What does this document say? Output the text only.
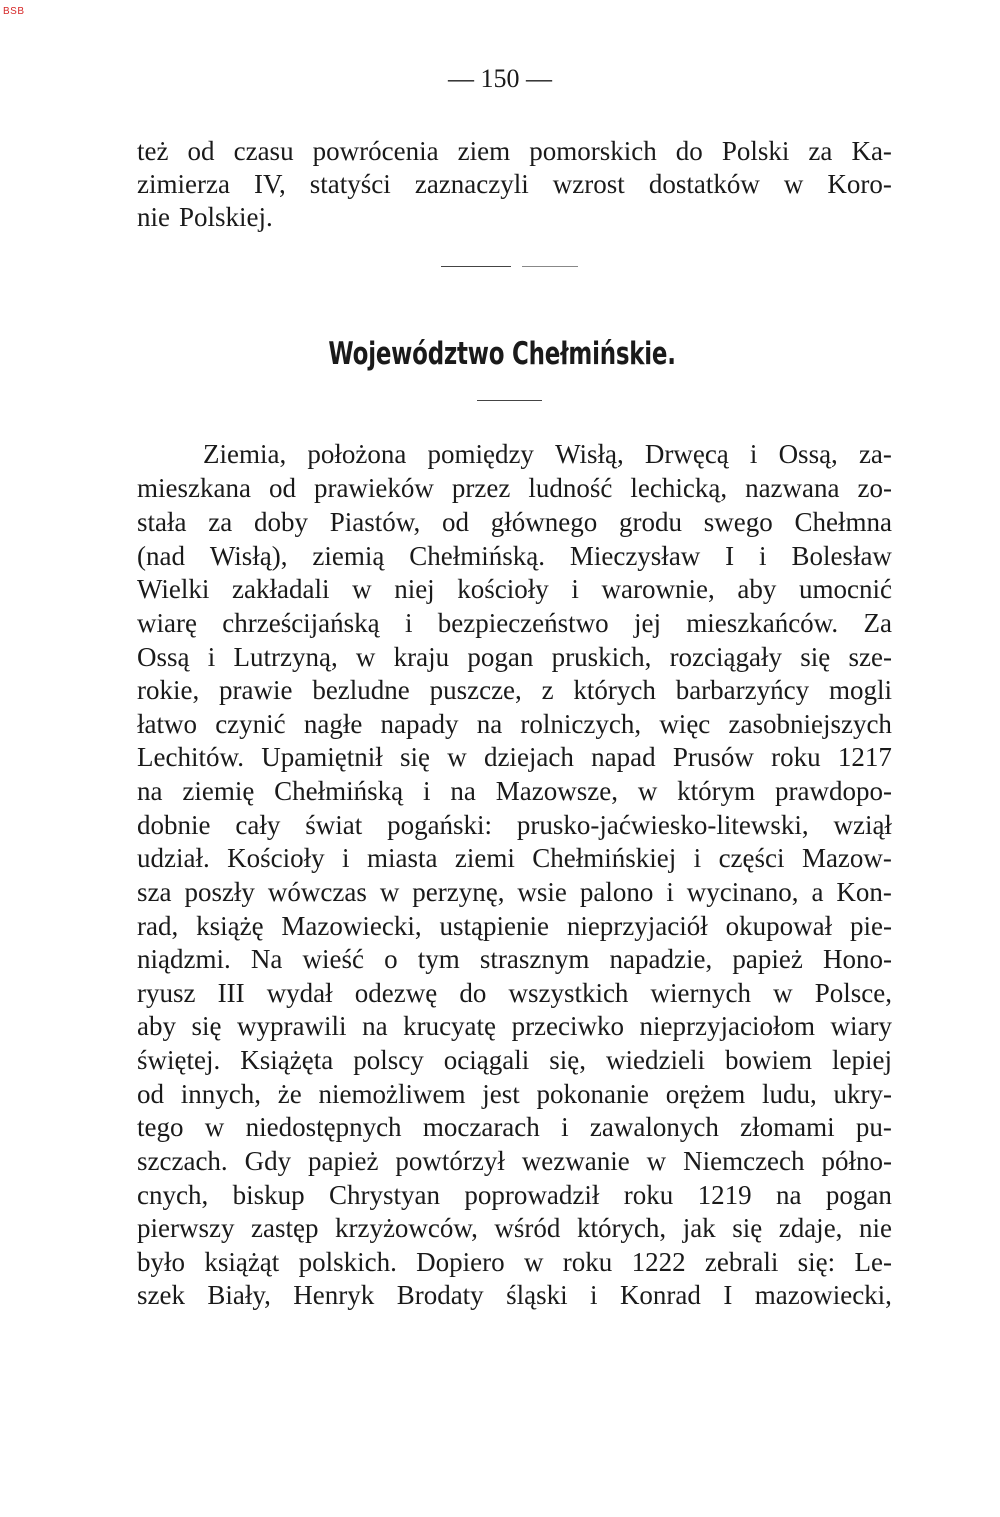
BSB
— 150 —
też od czasu powrócenia ziem pomorskich do Polski za Ka-
zimierza IV, statyści zaznaczyli wzrost dostatków w Koro-
nie Polskiej.
Województwo Chełmińskie.
Ziemia, położona pomiędzy Wisłą, Drwęcą i Ossą, za-
mieszkana od prawieków przez ludność lechicką, nazwana zo-
stała za doby Piastów, od głównego grodu swego Chełmna
(nad Wisłą), ziemią Chełmińską. Mieczysław I i Bolesław
Wielki zakładali w niej kościoły i warownie, aby umocnić
wiarę chrześcijańską i bezpieczeństwo jej mieszkańców. Za
Ossą i Lutrzyną, w kraju pogan pruskich, rozciągały się sze-
rokie, prawie bezludne puszcze, z których barbarzyńcy mogli
łatwo czynić nagłe napady na rolniczych, więc zasobniejszych
Lechitów. Upamiętnił się w dziejach napad Prusów roku 1217
na ziemię Chełmińską i na Mazowsze, w którym prawdopo-
dobnie cały świat pogański: prusko-jaćwiesko-litewski, wziął
udział. Kościoły i miasta ziemi Chełmińskiej i części Mazow-
sza poszły wówczas w perzynę, wsie palono i wycinano, a Kon-
rad, książę Mazowiecki, ustąpienie nieprzyjaciół okupował pie-
niądzmi. Na wieść o tym strasznym napadzie, papież Hono-
ryusz III wydał odezwę do wszystkich wiernych w Polsce,
aby się wyprawili na krucyatę przeciwko nieprzyjaciołom wiary
świętej. Książęta polscy ociągali się, wiedzieli bowiem lepiej
od innych, że niemożliwem jest pokonanie orężem ludu, ukry-
tego w niedostępnych moczarach i zawalonych złomami pu-
szczach. Gdy papież powtórzył wezwanie w Niemczech półno-
cnych, biskup Chrystyan poprowadził roku 1219 na pogan
pierwszy zastęp krzyżowców, wśród których, jak się zdaje, nie
było książąt polskich. Dopiero w roku 1222 zebrali się: Le-
szek Biały, Henryk Brodaty śląski i Konrad I mazowiecki,
